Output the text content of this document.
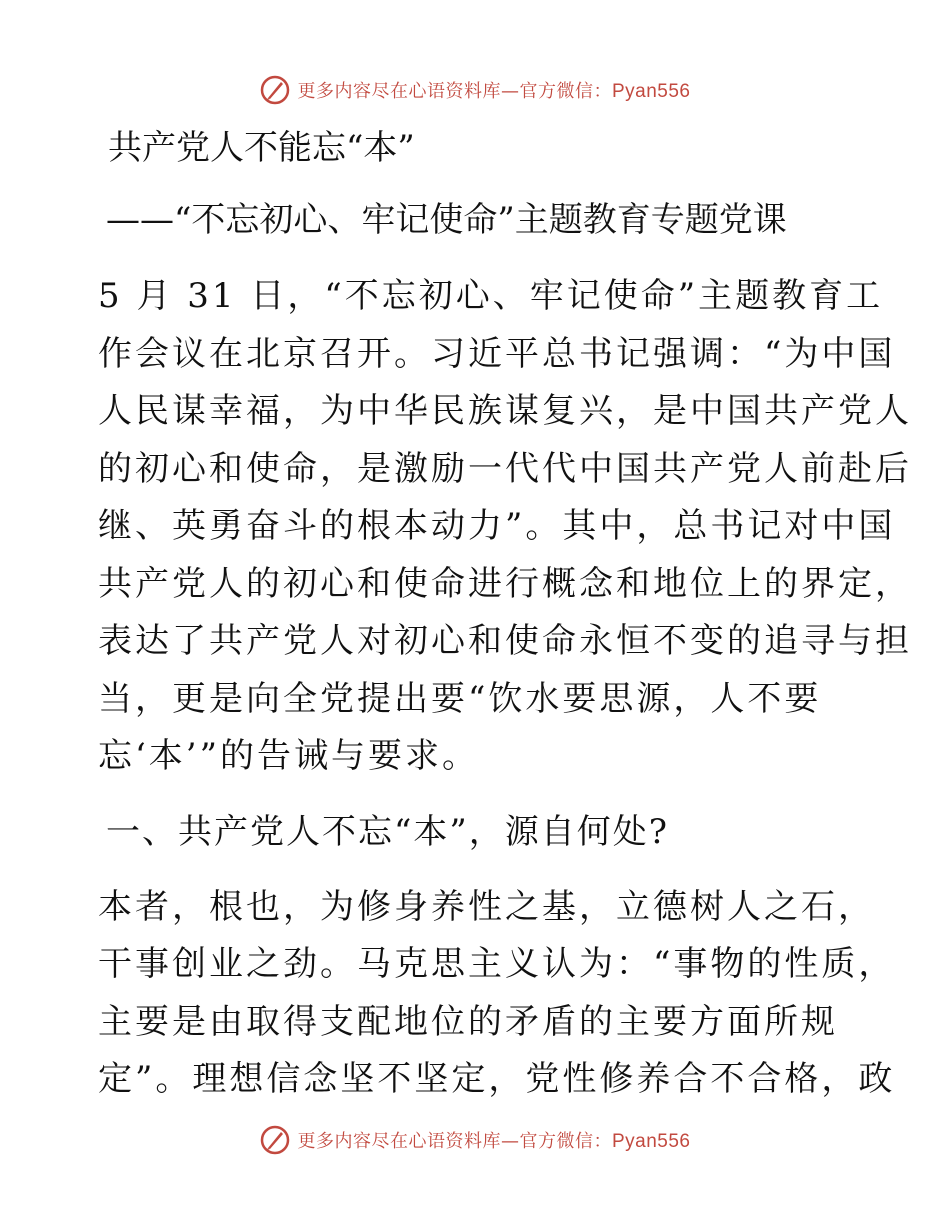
更多内容尽在心语资料库—官方微信：Pyan556
共产党人不能忘“本”
——“不忘初心、牢记使命”主题教育专题党课
5 月 31 日，“不忘初心、牢记使命”主题教育工
作会议在北京召开。习近平总书记强调：“为中国
人民谋幸福，为中华民族谋复兴，是中国共产党人
的初心和使命，是激励一代代中国共产党人前赴后
继、英勇奋斗的根本动力”。其中，总书记对中国
共产党人的初心和使命进行概念和地位上的界定，
表达了共产党人对初心和使命永恒不变的追寻与担
当，更是向全党提出要“饮水要思源，人不要
忘‘本’”的告诫与要求。
一、共产党人不忘“本”，源自何处?
本者，根也，为修身养性之基，立德树人之石，
干事创业之劲。马克思主义认为：“事物的性质，
主要是由取得支配地位的矛盾的主要方面所规
定”。理想信念坚不坚定，党性修养合不合格，政
更多内容尽在心语资料库—官方微信：Pyan556
